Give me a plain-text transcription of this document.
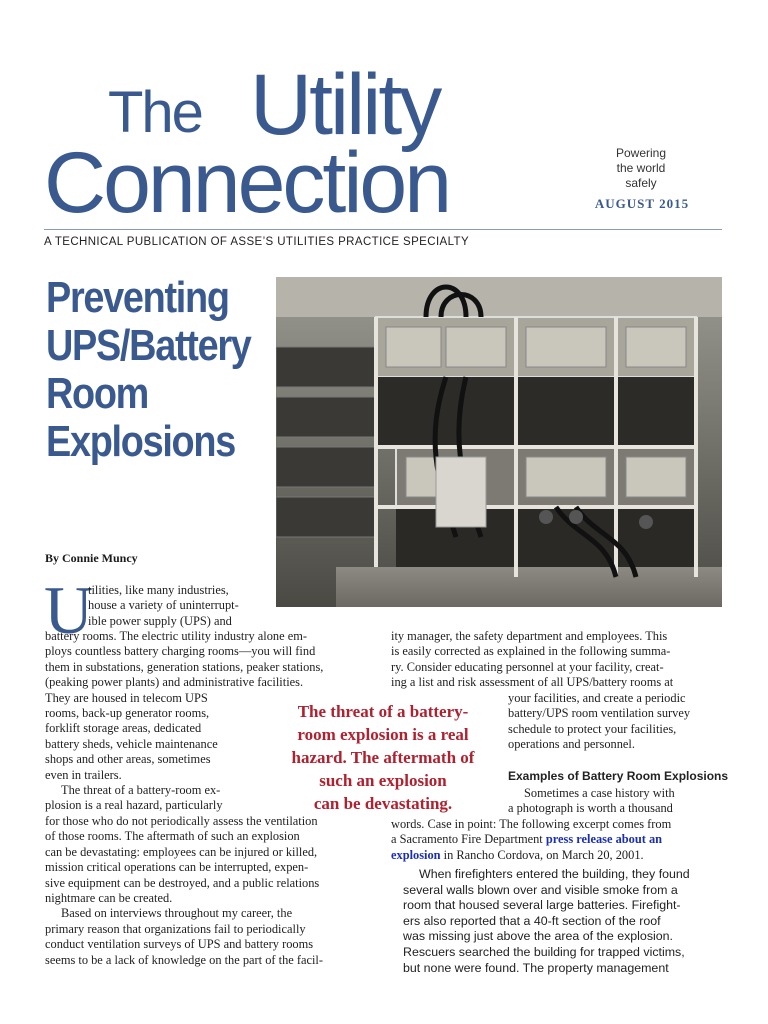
The Utility
Connection	Powering
the world
safely
AUGUST 2015
A TECHNICAL PUBLICATION OF ASSE’S UTILITIES PRACTICE SPECIALTY
Preventing
UPS/Battery
Room
Explosions
By Connie Muncy
U
tilities, like many industries,
house a variety of uninterrupt-
ible power supply (UPS) and
battery rooms. The electric utility industry alone em-
ploys countless battery charging rooms—you will find
them in substations, generation stations, peaker stations,
(peaking power plants) and administrative facilities.
They are housed in telecom UPS
rooms, back-up generator rooms,
forklift storage areas, dedicated
battery sheds, vehicle maintenance
shops and other areas, sometimes
even in trailers.
The threat of a battery-room ex-
plosion is a real hazard, particularly
for those who do not periodically assess the ventilation
of those rooms. The aftermath of such an explosion
can be devastating: employees can be injured or killed,
mission critical operations can be interrupted, expen-
sive equipment can be destroyed, and a public relations
nightmare can be created.
Based on interviews throughout my career, the
primary reason that organizations fail to periodically
conduct ventilation surveys of UPS and battery rooms
seems to be a lack of knowledge on the part of the facil-
ity manager, the safety department and employees. This
is easily corrected as explained in the following summa-
ry. Consider educating personnel at your facility, creat-
ing a list and risk assessment of all UPS/battery rooms at
your facilities, and create a periodic
battery/UPS room ventilation survey
schedule to protect your facilities,
operations and personnel.
The threat of a battery-
room explosion is a real
hazard. The aftermath of
such an explosion
can be devastating.
Examples of Battery Room Explosions
Sometimes a case history with
a photograph is worth a thousand
words. Case in point: The following excerpt comes from
a Sacramento Fire Department press release about an
explosion in Rancho Cordova, on March 20, 2001.
When firefighters entered the building, they found
several walls blown over and visible smoke from a
room that housed several large batteries. Firefight-
ers also reported that a 40-ft section of the roof
was missing just above the area of the explosion.
Rescuers searched the building for trapped victims,
but none were found. The property management
